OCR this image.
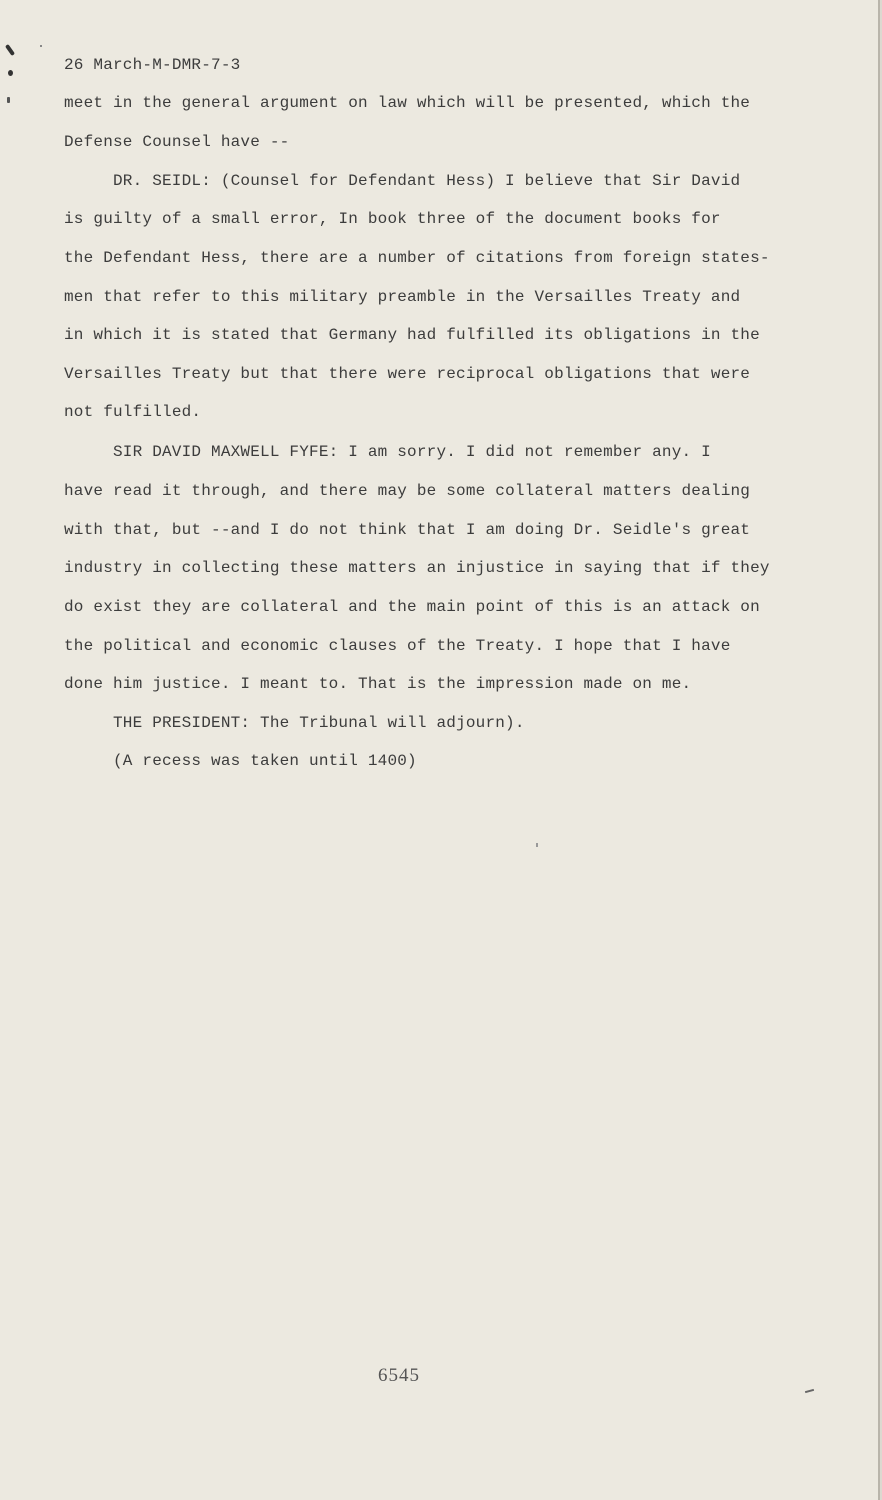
26 March-M-DMR-7-3
meet in the general argument on law which will be presented, which the
Defense Counsel have --
DR. SEIDL: (Counsel for Defendant Hess) I believe that Sir David
is guilty of a small error, In book three of the document books for
the Defendant Hess, there are a number of citations from foreign states-
men that refer to this military preamble in the Versailles Treaty and
in which it is stated that Germany had fulfilled its obligations in the
Versailles Treaty but that there were reciprocal obligations that were
not fulfilled.
SIR DAVID MAXWELL FYFE: I am sorry. I did not remember any. I
have read it through, and there may be some collateral matters dealing
with that, but --and I do not think that I am doing Dr. Seidle's great
industry in collecting these matters an injustice in saying that if they
do exist they are collateral and the main point of this is an attack on
the political and economic clauses of the Treaty. I hope that I have
done him justice. I meant to. That is the impression made on me.
THE PRESIDENT: The Tribunal will adjourn).
(A recess was taken until 1400)
6545
